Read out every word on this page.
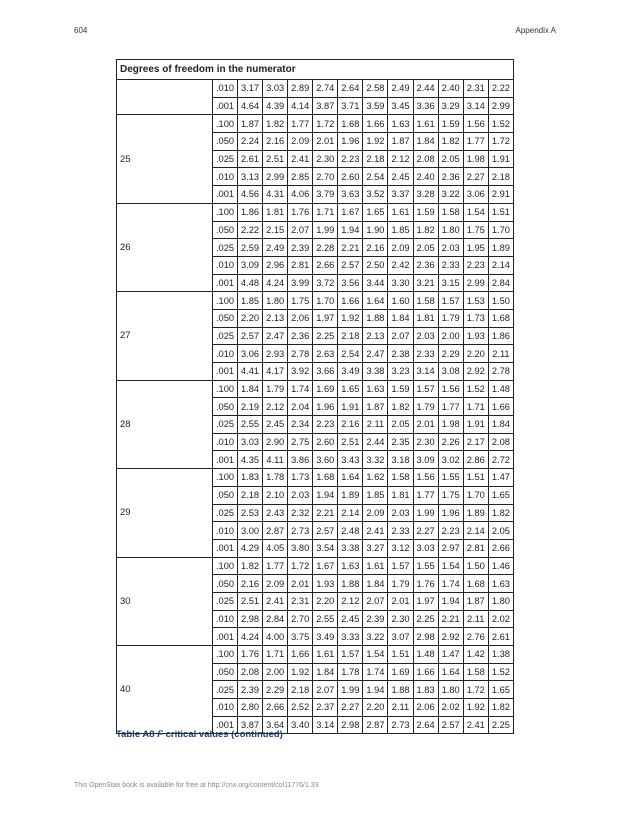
604	Appendix A
Degrees of freedom in the numerator												
	.010	3.17	3.03	2.89	2.74	2.64	2.58	2.49	2.44	2.40	2.31	2.22
	.001	4.64	4.39	4.14	3.87	3.71	3.59	3.45	3.36	3.29	3.14	2.99
25	.100	1.87	1.82	1.77	1.72	1.68	1.66	1.63	1.61	1.59	1.56	1.52
	.050	2.24	2.16	2.09	2.01	1.96	1.92	1.87	1.84	1.82	1.77	1.72
	.025	2.61	2.51	2.41	2.30	2.23	2.18	2.12	2.08	2.05	1.98	1.91
	.010	3.13	2.99	2.85	2.70	2.60	2.54	2.45	2.40	2.36	2.27	2.18
	.001	4.56	4.31	4.06	3.79	3.63	3.52	3.37	3.28	3.22	3.06	2.91
26	.100	1.86	1.81	1.76	1.71	1.67	1.65	1.61	1.59	1.58	1.54	1.51
	.050	2.22	2.15	2.07	1.99	1.94	1.90	1.85	1.82	1.80	1.75	1.70
	.025	2.59	2.49	2.39	2.28	2.21	2.16	2.09	2.05	2.03	1.95	1.89
	.010	3.09	2.96	2.81	2.66	2.57	2.50	2.42	2.36	2.33	2.23	2.14
	.001	4.48	4.24	3.99	3.72	3.56	3.44	3.30	3.21	3.15	2.99	2.84
27	.100	1.85	1.80	1.75	1.70	1.66	1.64	1.60	1.58	1.57	1.53	1.50
	.050	2.20	2.13	2.06	1.97	1.92	1.88	1.84	1.81	1.79	1.73	1.68
	.025	2.57	2.47	2.36	2.25	2.18	2.13	2.07	2.03	2.00	1.93	1.86
	.010	3.06	2.93	2.78	2.63	2.54	2.47	2.38	2.33	2.29	2.20	2.11
	.001	4.41	4.17	3.92	3.66	3.49	3.38	3.23	3.14	3.08	2.92	2.78
28	.100	1.84	1.79	1.74	1.69	1.65	1.63	1.59	1.57	1.56	1.52	1.48
	.050	2.19	2.12	2.04	1.96	1.91	1.87	1.82	1.79	1.77	1.71	1.66
	.025	2.55	2.45	2.34	2.23	2.16	2.11	2.05	2.01	1.98	1.91	1.84
	.010	3.03	2.90	2.75	2.60	2.51	2.44	2.35	2.30	2.26	2.17	2.08
	.001	4.35	4.11	3.86	3.60	3.43	3.32	3.18	3.09	3.02	2.86	2.72
29	.100	1.83	1.78	1.73	1.68	1.64	1.62	1.58	1.56	1.55	1.51	1.47
	.050	2.18	2.10	2.03	1.94	1.89	1.85	1.81	1.77	1.75	1.70	1.65
	.025	2.53	2.43	2.32	2.21	2.14	2.09	2.03	1.99	1.96	1.89	1.82
	.010	3.00	2.87	2.73	2.57	2.48	2.41	2.33	2.27	2.23	2.14	2.05
	.001	4.29	4.05	3.80	3.54	3.38	3.27	3.12	3.03	2.97	2.81	2.66
30	.100	1.82	1.77	1.72	1.67	1.63	1.61	1.57	1.55	1.54	1.50	1.46
	.050	2.16	2.09	2.01	1.93	1.88	1.84	1.79	1.76	1.74	1.68	1.63
	.025	2.51	2.41	2.31	2.20	2.12	2.07	2.01	1.97	1.94	1.87	1.80
	.010	2.98	2.84	2.70	2.55	2.45	2.39	2.30	2.25	2.21	2.11	2.02
	.001	4.24	4.00	3.75	3.49	3.33	3.22	3.07	2.98	2.92	2.76	2.61
40	.100	1.76	1.71	1.66	1.61	1.57	1.54	1.51	1.48	1.47	1.42	1.38
	.050	2.08	2.00	1.92	1.84	1.78	1.74	1.69	1.66	1.64	1.58	1.52
	.025	2.39	2.29	2.18	2.07	1.99	1.94	1.88	1.83	1.80	1.72	1.65
	.010	2.80	2.66	2.52	2.37	2.27	2.20	2.11	2.06	2.02	1.92	1.82
	.001	3.87	3.64	3.40	3.14	2.98	2.87	2.73	2.64	2.57	2.41	2.25
Table A8 F critical values (continued)
This OpenStax book is available for free at http://cnx.org/content/col11776/1.33
